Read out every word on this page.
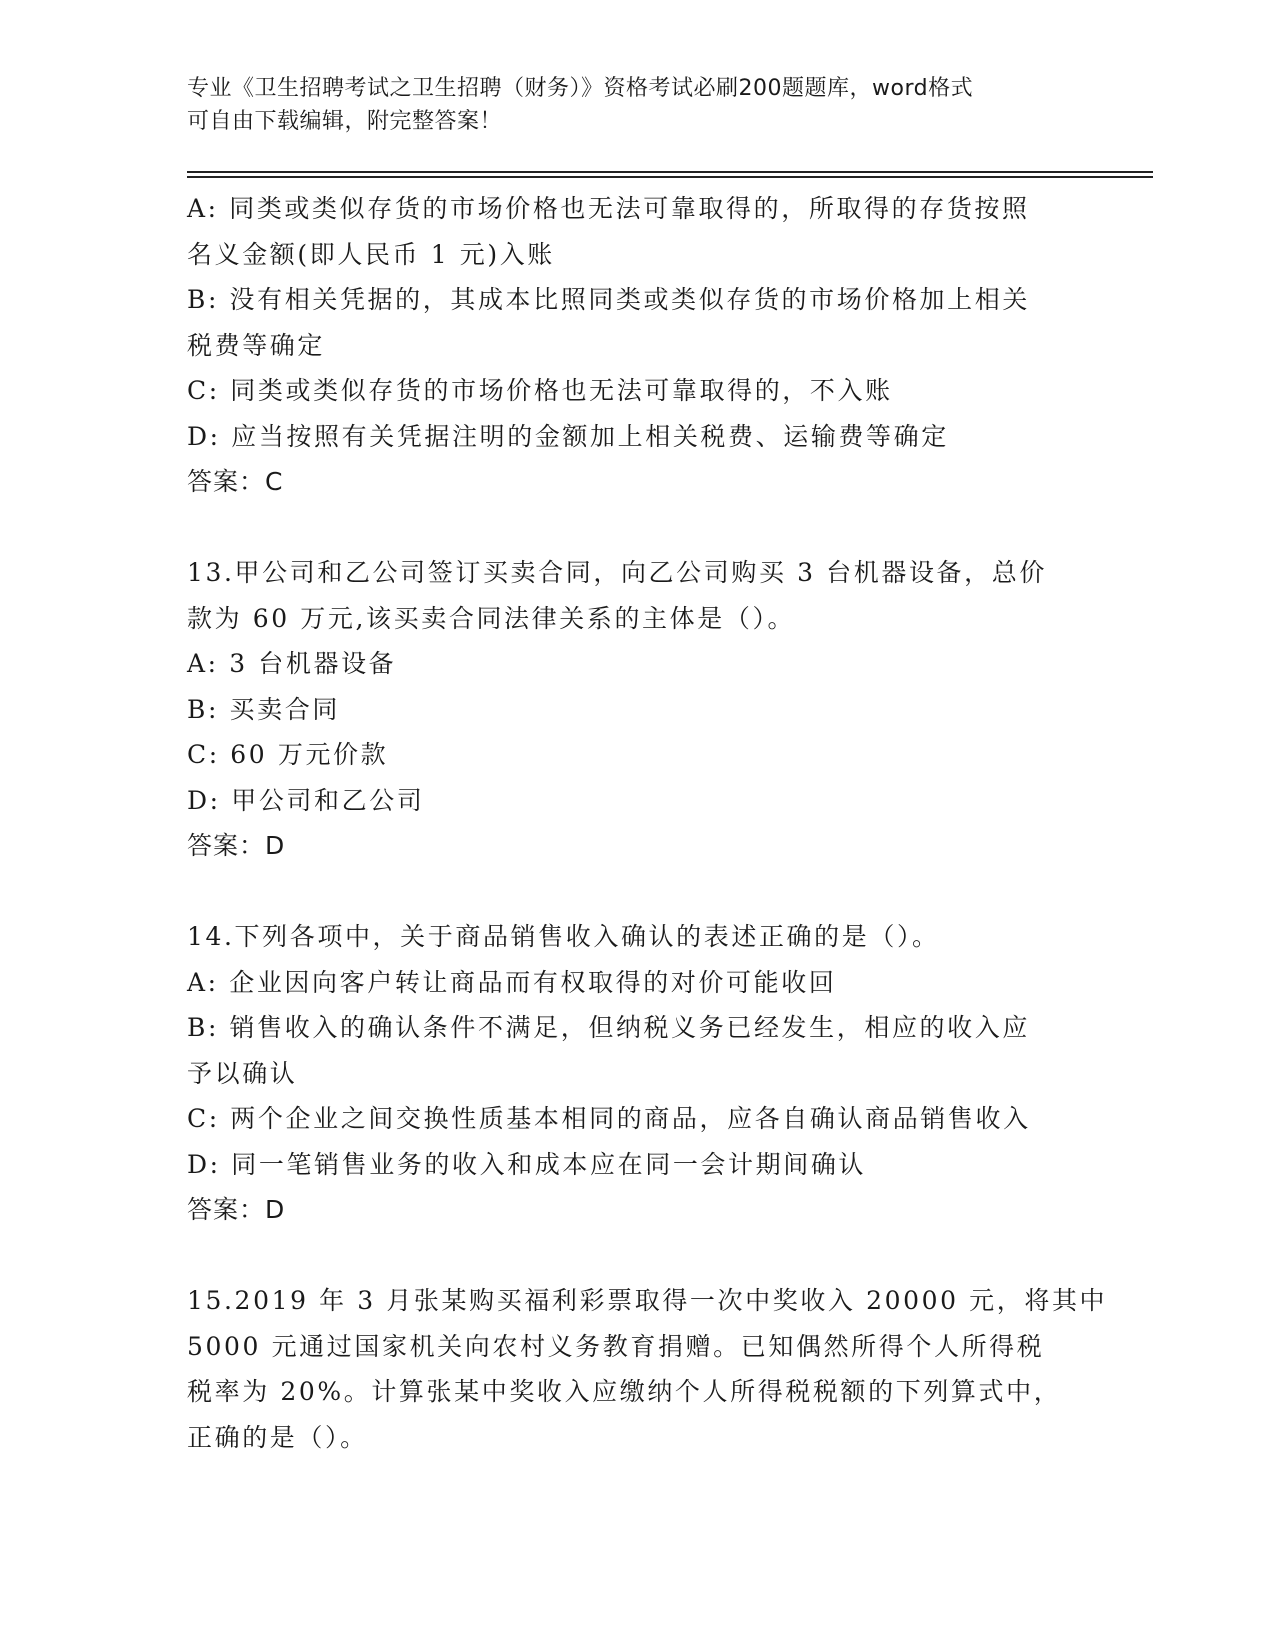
专业《卫生招聘考试之卫生招聘（财务）》资格考试必刷200题题库，word格式
可自由下载编辑，附完整答案！
A: 同类或类似存货的市场价格也无法可靠取得的，所取得的存货按照
名义金额(即人民币 1 元)入账
B: 没有相关凭据的，其成本比照同类或类似存货的市场价格加上相关
税费等确定
C: 同类或类似存货的市场价格也无法可靠取得的，不入账
D: 应当按照有关凭据注明的金额加上相关税费、运输费等确定
答案：C
13.甲公司和乙公司签订买卖合同，向乙公司购买 3 台机器设备，总价
款为 60 万元,该买卖合同法律关系的主体是（）。
A: 3 台机器设备
B: 买卖合同
C: 60 万元价款
D: 甲公司和乙公司
答案：D
14.下列各项中，关于商品销售收入确认的表述正确的是（）。
A: 企业因向客户转让商品而有权取得的对价可能收回
B: 销售收入的确认条件不满足，但纳税义务已经发生，相应的收入应
予以确认
C: 两个企业之间交换性质基本相同的商品，应各自确认商品销售收入
D: 同一笔销售业务的收入和成本应在同一会计期间确认
答案：D
15.2019 年 3 月张某购买福利彩票取得一次中奖收入 20000 元，将其中
5000 元通过国家机关向农村义务教育捐赠。已知偶然所得个人所得税
税率为 20%。计算张某中奖收入应缴纳个人所得税税额的下列算式中，
正确的是（）。
